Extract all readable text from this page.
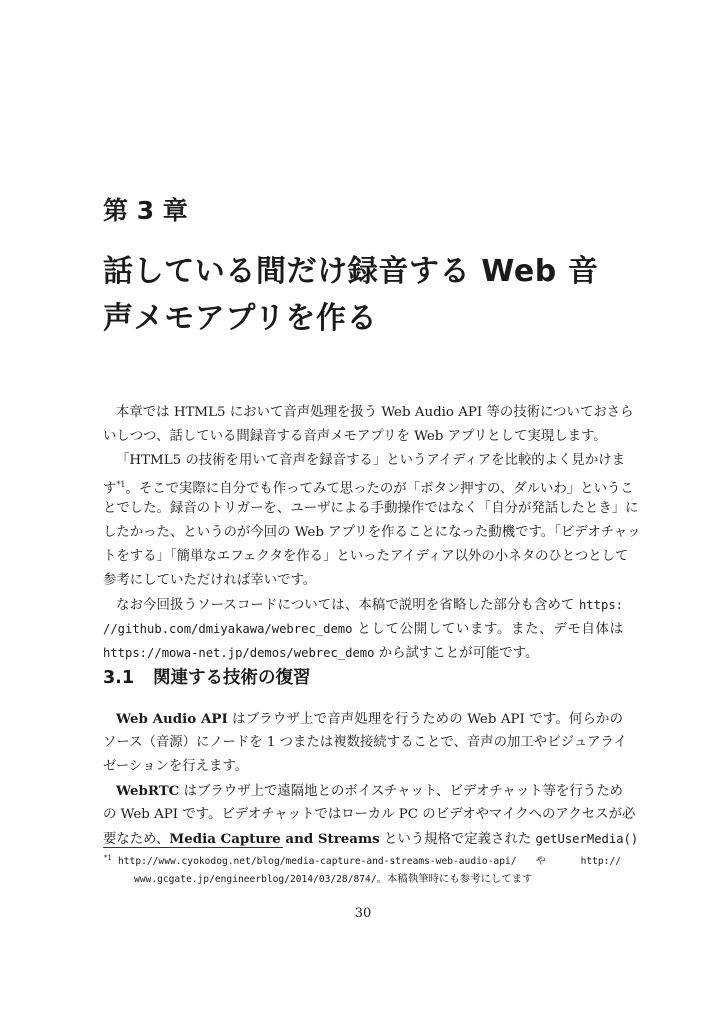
第 3 章
話している間だけ録音する Web 音
声メモアプリを作る
本章では HTML5 において音声処理を扱う Web Audio API 等の技術についておさら
いしつつ、話している間録音する音声メモアプリを Web アプリとして実現します。
「HTML5 の技術を用いて音声を録音する」というアイディアを比較的よく見かけま
す$^{*1}$。そこで実際に自分でも作ってみて思ったのが「ボタン押すの、ダルいわ」というこ
とでした。録音のトリガーを、ユーザによる手動操作ではなく「自分が発話したとき」に
したかった、というのが今回の Web アプリを作ることになった動機です。「ビデオチャッ
トをする」「簡単なエフェクタを作る」といったアイディア以外の小ネタのひとつとして
参考にしていただければ幸いです。
なお今回扱うソースコードについては、本稿で説明を省略した部分も含めて https:
//github.com/dmiyakawa/webrec_demo として公開しています。また、デモ自体は
https://mowa-net.jp/demos/webrec_demo から試すことが可能です。
3.1 関連する技術の復習
Web Audio API はブラウザ上で音声処理を行うための Web API です。何らかの
ソース（音源）にノードを 1 つまたは複数接続することで、音声の加工やビジュアライ
ゼーションを行えます。
WebRTC はブラウザ上で遠隔地とのボイスチャット、ビデオチャット等を行うため
の Web API です。ビデオチャットではローカル PC のビデオやマイクへのアクセスが必
要なため、Media Capture and Streams という規格で定義された getUserMedia()
*1 http://www.cyokodog.net/blog/media-capture-and-streams-web-audio-api/ や http://
www.gcgate.jp/engineerblog/2014/03/28/874/。本稿執筆時にも参考にしてます
30
